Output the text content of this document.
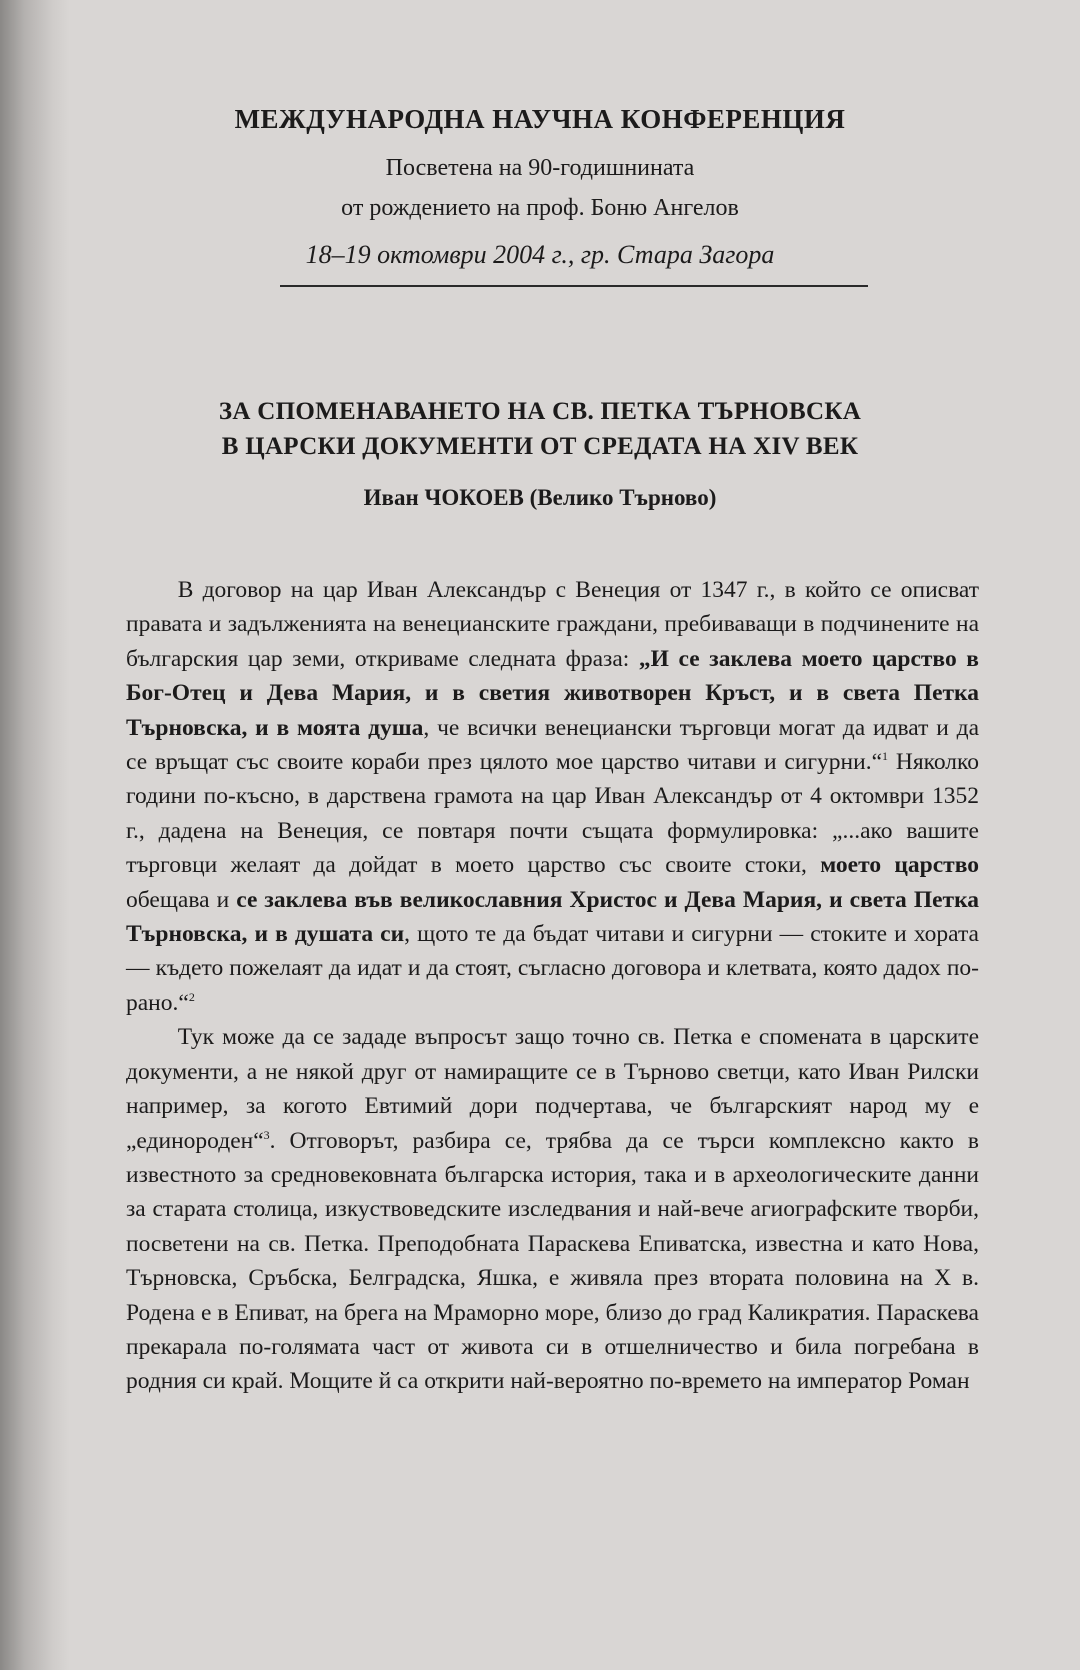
МЕЖДУНАРОДНА НАУЧНА КОНФЕРЕНЦИЯ
Посветена на 90-годишнината
от рождението на проф. Боню Ангелов
18–19 октомври 2004 г., гр. Стара Загора
ЗА СПОМЕНАВАНЕТО НА СВ. ПЕТКА ТЪРНОВСКА
В ЦАРСКИ ДОКУМЕНТИ ОТ СРЕДАТА НА XIV ВЕК
Иван ЧОКОЕВ (Велико Търново)

В договор на цар Иван Александър с Венеция от 1347 г., в който се описват правата и задълженията на венецианските граждани, пребиваващи в подчинените на българския цар земи, откриваме следната фраза: „И се заклева моето царство в Бог-Отец и Дева Мария, и в светия животворен Кръст, и в света Петка Търновска, и в моята душа, че всички венециански търговци могат да идват и да се връщат със своите кораби през цялото мое царство читави и сигурни.“$^1$ Няколко години по-късно, в дарствена грамота на цар Иван Александър от 4 октомври 1352 г., дадена на Венеция, се повтаря почти същата формулировка: „...ако вашите търговци желаят да дойдат в моето царство със своите стоки, моето царство обещава и се заклева във великославния Христос и Дева Мария, и света Петка Търновска, и в душата си, щото те да бъдат читави и сигурни — стоките и хората — където пожелаят да идат и да стоят, съгласно договора и клетвата, която дадох по-рано.“$^2$

Тук може да се зададе въпросът защо точно св. Петка е спомената в царските документи, а не някой друг от намиращите се в Търново светци, като Иван Рилски например, за когото Евтимий дори подчертава, че българският народ му е „единороден“$^3$. Отговорът, разбира се, трябва да се търси комплексно както в известното за средновековната българска история, така и в археологическите данни за старата столица, изкуствоведските изследвания и най-вече агиографските творби, посветени на св. Петка. Преподобната Параскева Епиватска, известна и като Нова, Търновска, Сръбска, Белградска, Яшка, е живяла през втората половина на X в. Родена е в Епиват, на брега на Мраморно море, близо до град Каликратия. Параскева прекарала по-голямата част от живота си в отшелничество и била погребана в родния си край. Мощите й са открити най-вероятно по-времето на император Роман
